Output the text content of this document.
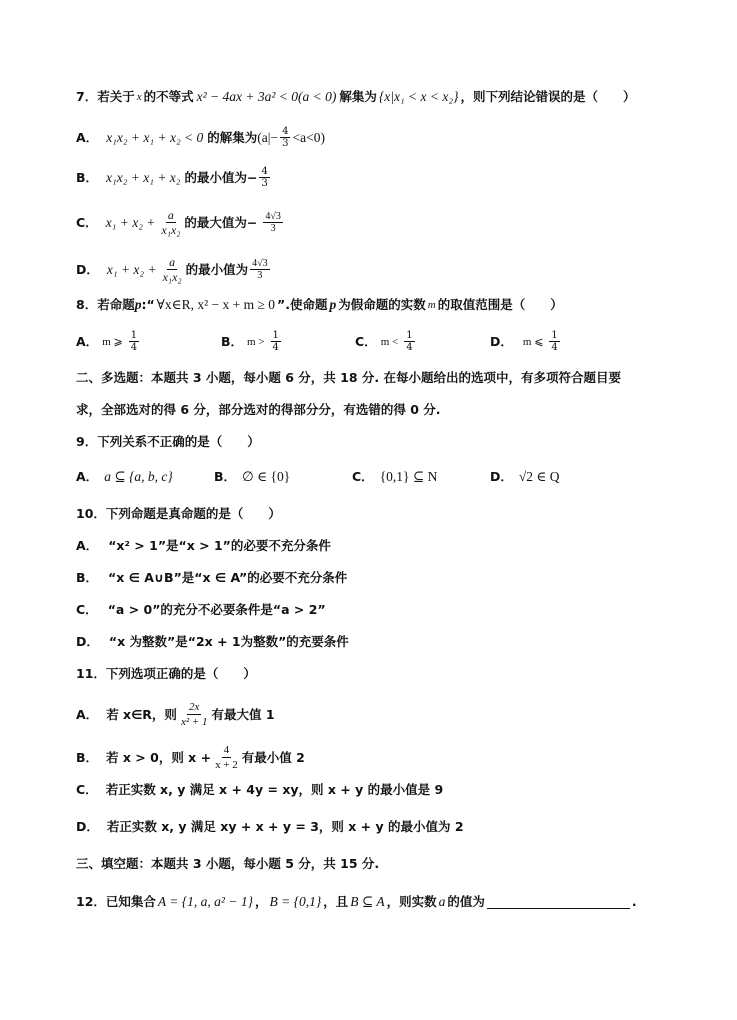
7．若关于 x 的不等式 x² − 4ax + 3a² < 0(a < 0) 解集为 {x|x₁ < x < x₂} ，则下列结论错误的是（　　）
A． x₁x₂ + x₁ + x₂ < 0 的解集为 $(a|- \frac{4}{3} <a<0)$
B． x₁x₂ + x₁ + x₂ 的最小值为− $\frac{4}{3}$
C． $x_1 + x_2 + \frac{a}{\text{x₁x₂}}$ 的最大值为− $\frac{4√3}{3}$
D． $x_1 + x_2 + \frac{a}{\text{x₁x₂}}$ 的最小值为 $\frac{4√3}{3}$
8．若命题 p :“ ∀x∈R, x² − x + m ≥ 0 ”.使命题 p 为假命题的实数 m 的取值范围是（　　）
A． m ⩾ $\frac{1}{4}$	B． $m > \frac{1}{4}$	C． $m < \frac{1}{4}$	D． m ⩽ $\frac{1}{4}$
二、多选题：本题共 3 小题，每小题 6 分，共 18 分. 在每小题给出的选项中，有多项符合题目要
求，全部选对的得 6 分，部分选对的得部分分，有选错的得 0 分.
9．下列关系不正确的是（　　）
A． a ⊆ {a, b, c}	B． ∅ ∈ {0}	C． {0,1} ⊆ N	D． √2 ∈ Q
10．下列命题是真命题的是（　　）
A． “x² > 1”是“x > 1”的必要不充分条件
B． “x ∈ A∪B”是“x ∈ A”的必要不充分条件
C． “a > 0”的充分不必要条件是“a > 2”
D． “x 为整数”是“2x + 1为整数”的充要条件
11．下列选项正确的是（　　）
A． 若 x∈R，则 $\frac{2x}{\text{x² + 1}}$ 有最大值 1
B． 若 x > 0，则 $x + \frac{4}{x + 2}$ 有最小值 2
C． 若正实数 x, y 满足 x + 4y = xy，则 x + y 的最小值是 9
D． 若正实数 x, y 满足 xy + x + y = 3，则 x + y 的最小值为 2
三、填空题：本题共 3 小题，每小题 5 分，共 15 分.
12．已知集合 A = {1, a, a² − 1} ， B = {0,1} ，且 B ⊆ A ，则实数 a 的值为	.
